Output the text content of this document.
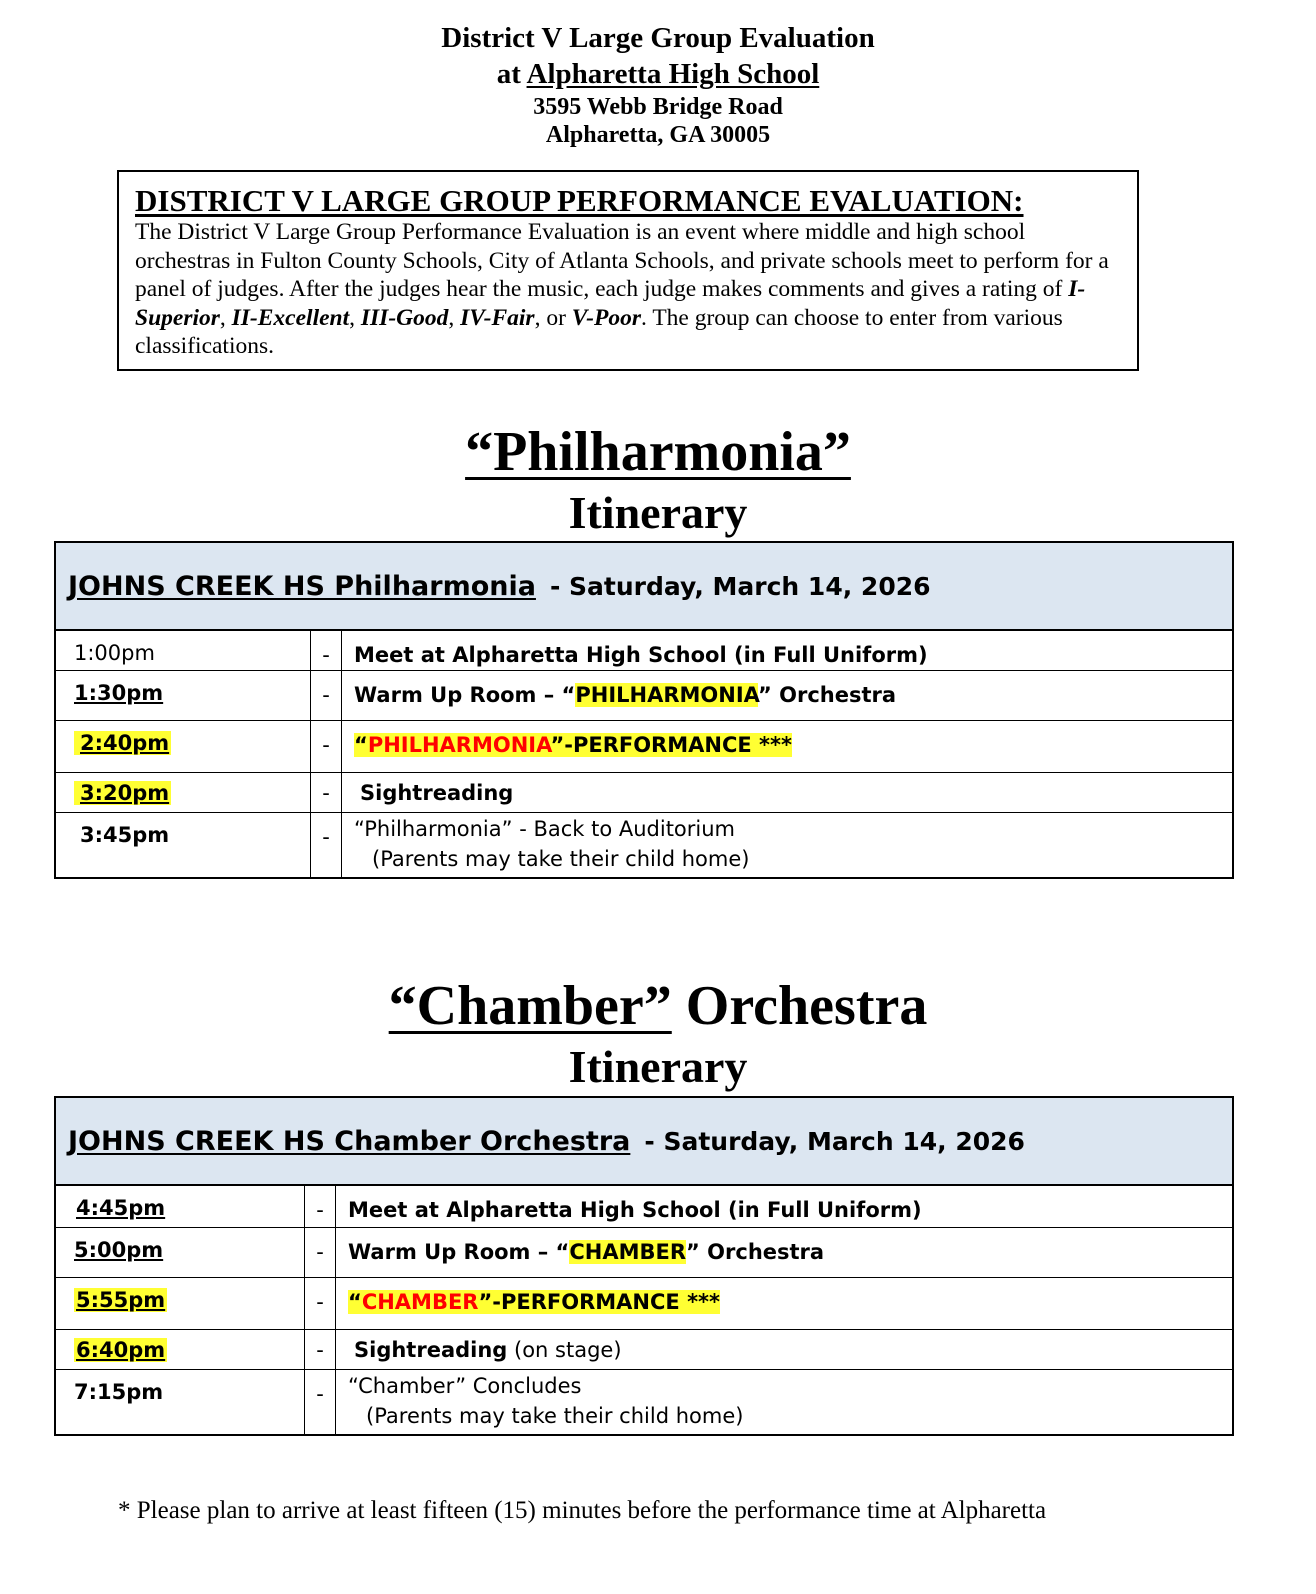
District V Large Group Evaluation
at Alpharetta High School
3595 Webb Bridge Road
Alpharetta, GA 30005
DISTRICT V LARGE GROUP PERFORMANCE EVALUATION:
The District V Large Group Performance Evaluation is an event where middle and high school orchestras in Fulton County Schools, City of Atlanta Schools, and private schools meet to perform for a panel of judges. After the judges hear the music, each judge makes comments and gives a rating of I-Superior, II-Excellent, III-Good, IV-Fair, or V-Poor. The group can choose to enter from various classifications.
“Philharmonia”
Itinerary
JOHNS CREEK HS Philharmonia - Saturday, March 14, 2026		
1:00pm	-	Meet at Alpharetta High School (in Full Uniform)
1:30pm	-	Warm Up Room – “PHILHARMONIA” Orchestra
2:40pm	-	“PHILHARMONIA”-PERFORMANCE ***
3:20pm	-	Sightreading
3:45pm	-	“Philharmonia” - Back to Auditorium
(Parents may take their child home)
“Chamber” Orchestra
Itinerary
JOHNS CREEK HS Chamber Orchestra - Saturday, March 14, 2026		
4:45pm	-	Meet at Alpharetta High School (in Full Uniform)
5:00pm	-	Warm Up Room – “CHAMBER” Orchestra
5:55pm	-	“CHAMBER”-PERFORMANCE ***
6:40pm	-	Sightreading (on stage)
7:15pm	-	“Chamber” Concludes
(Parents may take their child home)
* Please plan to arrive at least fifteen (15) minutes before the performance time at Alpharetta
